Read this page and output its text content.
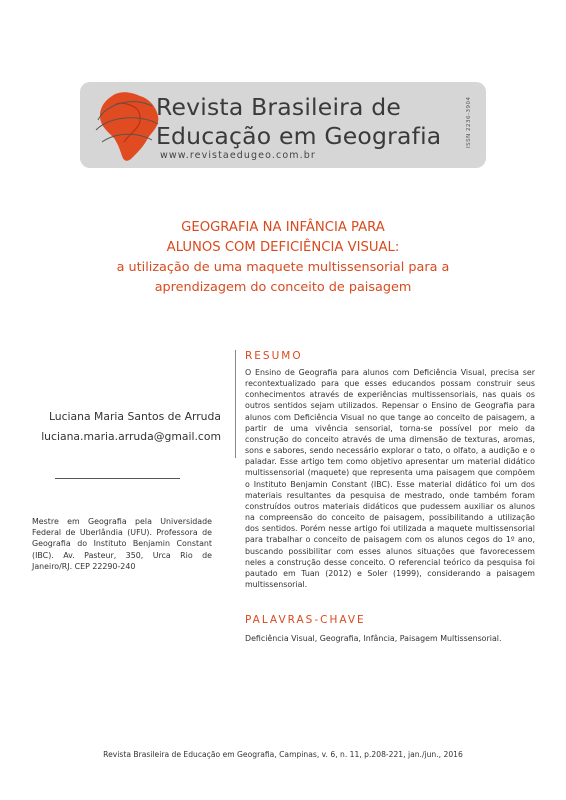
Revista Brasileira de
Educação em Geografia
www.revistaedugeo.com.br
ISSN 2236-3904
GEOGRAFIA NA INFÂNCIA PARA
ALUNOS COM DEFICIÊNCIA VISUAL:
a utilização de uma maquete multissensorial para a
aprendizagem do conceito de paisagem
Luciana Maria Santos de Arruda
luciana.maria.arruda@gmail.com
Mestre em Geografia pela Universidade Federal de Uberlândia (UFU). Professora de Geografia do Instituto Benjamin Constant (IBC). Av. Pasteur, 350, Urca Rio de Janeiro/RJ. CEP 22290-240
RESUMO
O Ensino de Geografia para alunos com Deficiência Visual, precisa ser recontextualizado para que esses educandos possam construir seus conhecimentos através de experiências multissensoriais, nas quais os outros sentidos sejam utilizados. Repensar o Ensino de Geografia para alunos com Deficiência Visual no que tange ao conceito de paisagem, a partir de uma vivência sensorial, torna-se possível por meio da construção do conceito através de uma dimensão de texturas, aromas, sons e sabores, sendo necessário explorar o tato, o olfato, a audição e o paladar. Esse artigo tem como objetivo apresentar um material didático multissensorial (maquete) que representa uma paisagem que compõem o Instituto Benjamin Constant (IBC). Esse material didático foi um dos materiais resultantes da pesquisa de mestrado, onde também foram construídos outros materiais didáticos que pudessem auxiliar os alunos na compreensão do conceito de paisagem, possibilitando a utilização dos sentidos. Porém nesse artigo foi utilizada a maquete multissensorial para trabalhar o conceito de paisagem com os alunos cegos do 1º ano, buscando possibilitar com esses alunos situações que favorecessem neles a construção desse conceito. O referencial teórico da pesquisa foi pautado em Tuan (2012) e Soler (1999), considerando a paisagem multissensorial.
PALAVRAS-CHAVE
Deficiência Visual, Geografia, Infância, Paisagem Multissensorial.
Revista Brasileira de Educação em Geografia, Campinas, v. 6, n. 11, p.208-221, jan./jun., 2016
